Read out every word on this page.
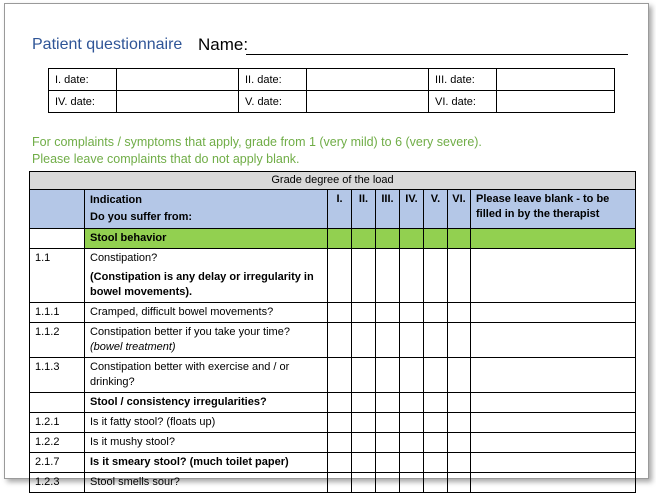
Patient questionnaire Name:
I. date:		II. date:		III. date:	
IV. date:		V. date:		VI. date:	
For complaints / symptoms that apply, grade from 1 (very mild) to 6 (very severe).
Please leave complaints that do not apply blank.
Grade degree of the load								

	Indication
Do you suffer from:	I.	II.	III.	IV.	V.	VI.	Please leave blank - to be filled in by the therapist
	Stool behavior							
1.1	Constipation?
(Constipation is any delay or irregularity in bowel movements).							

1.1.1	Cramped, difficult bowel movements?							
1.1.2	Constipation better if you take your time?
(bowel treatment)							

1.1.3	Constipation better with exercise and / or drinking?							
	Stool / consistency irregularities?							
1.2.1	Is it fatty stool? (floats up)							
1.2.2	Is it mushy stool?							
2.1.7	Is it smeary stool? (much toilet paper)							
1.2.3	Stool smells sour?							
